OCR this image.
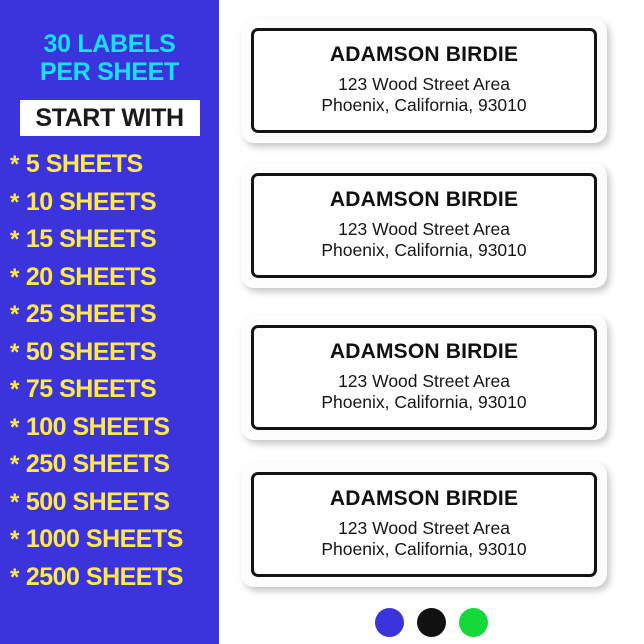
30 LABELS
PER SHEET
START WITH
* 5 SHEETS
* 10 SHEETS
* 15 SHEETS
* 20 SHEETS
* 25 SHEETS
* 50 SHEETS
* 75 SHEETS
* 100 SHEETS
* 250 SHEETS
* 500 SHEETS
* 1000 SHEETS
* 2500 SHEETS
ADAMSON BIRDIE
123 Wood Street Area
Phoenix, California, 93010
ADAMSON BIRDIE
123 Wood Street Area
Phoenix, California, 93010
ADAMSON BIRDIE
123 Wood Street Area
Phoenix, California, 93010
ADAMSON BIRDIE
123 Wood Street Area
Phoenix, California, 93010
